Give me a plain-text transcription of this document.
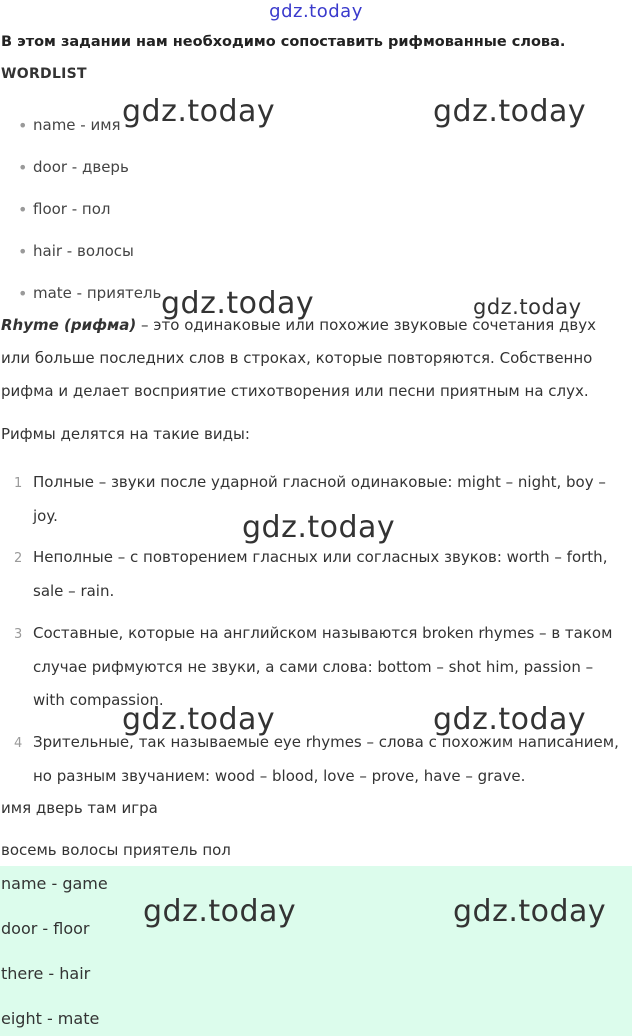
gdz.today
В этом задании нам необходимо сопоставить рифмованные слова.
WORDLIST
• name - имя
• door - дверь
• floor - пол
• hair - волосы
• mate - приятель
Rhyme (рифма) – это одинаковые или похожие звуковые сочетания двух или больше последних слов в строках, которые повторяются. Собственно рифма и делает восприятие стихотворения или песни приятным на слух.
Рифмы делятся на такие виды:
1 Полные – звуки после ударной гласной одинаковые: might – night, boy – joy.
2 Неполные – с повторением гласных или согласных звуков: worth – forth, sale – rain.
3 Составные, которые на английском называются broken rhymes – в таком случае рифмуются не звуки, а сами слова: bottom – shot him, passion – with compassion.
4 Зрительные, так называемые eye rhymes – слова с похожим написанием, но разным звучанием: wood – blood, love – prove, have – grave.
имя дверь там игра
восемь волосы приятель пол
name - game
door - floor
there - hair
eight - mate
gdz.today	gdz.today
gdz.today	gdz.today
gdz.today
gdz.today	gdz.today
gdz.today	gdz.today
